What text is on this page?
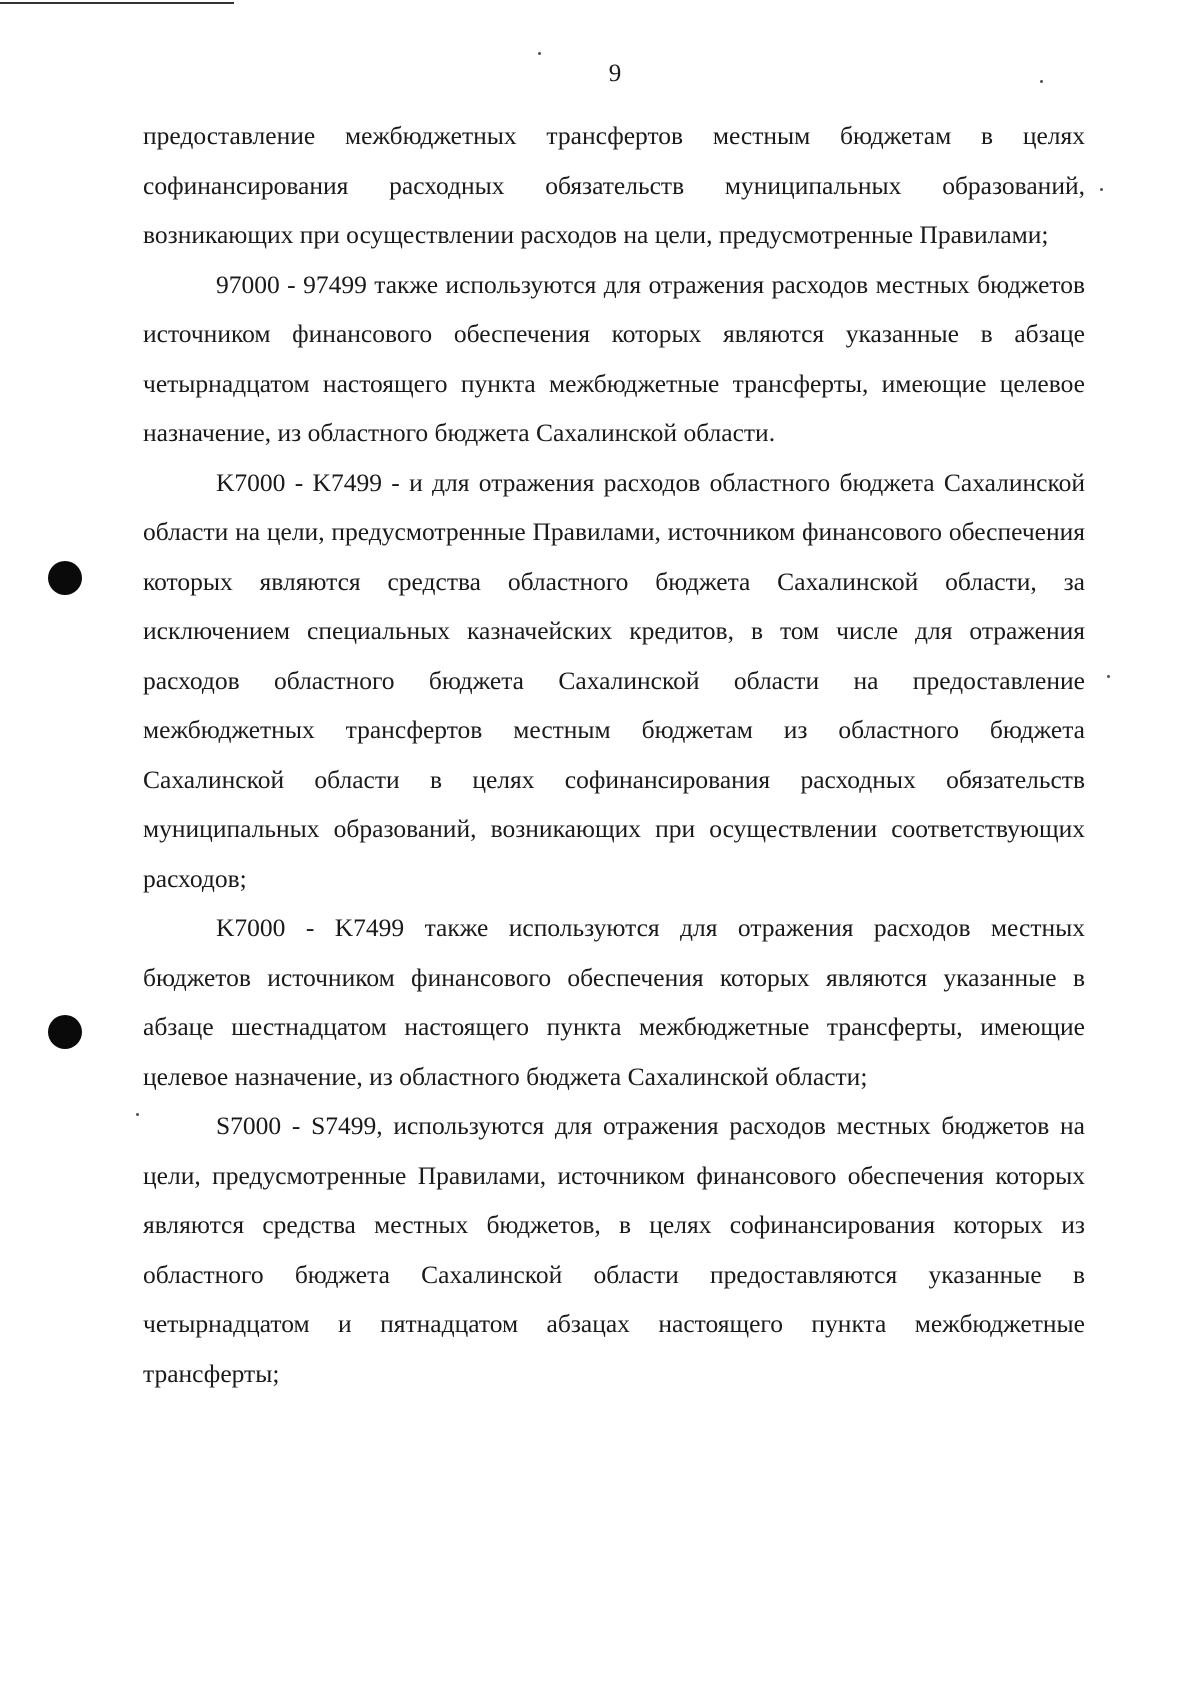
9

предоставление межбюджетных трансфертов местным бюджетам в целях софинансирования расходных обязательств муниципальных образований, возникающих при осуществлении расходов на цели, предусмотренные Правилами;

97000 - 97499 также используются для отражения расходов местных бюджетов источником финансового обеспечения которых являются указанные в абзаце четырнадцатом настоящего пункта межбюджетные трансферты, имеющие целевое назначение, из областного бюджета Сахалинской области.

K7000 - K7499 - и для отражения расходов областного бюджета Сахалинской области на цели, предусмотренные Правилами, источником финансового обеспечения которых являются средства областного бюджета Сахалинской области, за исключением специальных казначейских кредитов, в том числе для отражения расходов областного бюджета Сахалинской области на предоставление межбюджетных трансфертов местным бюджетам из областного бюджета Сахалинской области в целях софинансирования расходных обязательств муниципальных образований, возникающих при осуществлении соответствующих расходов;

K7000 - K7499 также используются для отражения расходов местных бюджетов источником финансового обеспечения которых являются указанные в абзаце шестнадцатом настоящего пункта межбюджетные трансферты, имеющие целевое назначение, из областного бюджета Сахалинской области;

S7000 - S7499, используются для отражения расходов местных бюджетов на цели, предусмотренные Правилами, источником финансового обеспечения которых являются средства местных бюджетов, в целях софинансирования которых из областного бюджета Сахалинской области предоставляются указанные в четырнадцатом и пятнадцатом абзацах настоящего пункта межбюджетные трансферты;
